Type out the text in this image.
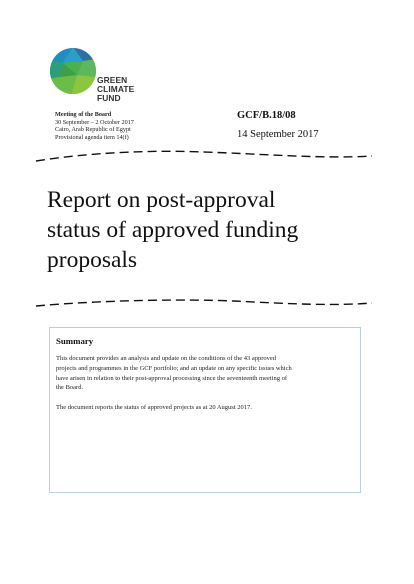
GREEN
CLIMATE
FUND
Meeting of the Board
30 September – 2 October 2017
Cairo, Arab Republic of Egypt
Provisional agenda item 14(f)
GCF/B.18/08
14 September 2017
Report on post-approval
status of approved funding
proposals
Summary
This document provides an analysis and update on the conditions of the 43 approved
projects and programmes in the GCF portfolio; and an update on any specific issues which
have arisen in relation to their post-approval processing since the seventeenth meeting of
the Board.
The document reports the status of approved projects as at 20 August 2017.
